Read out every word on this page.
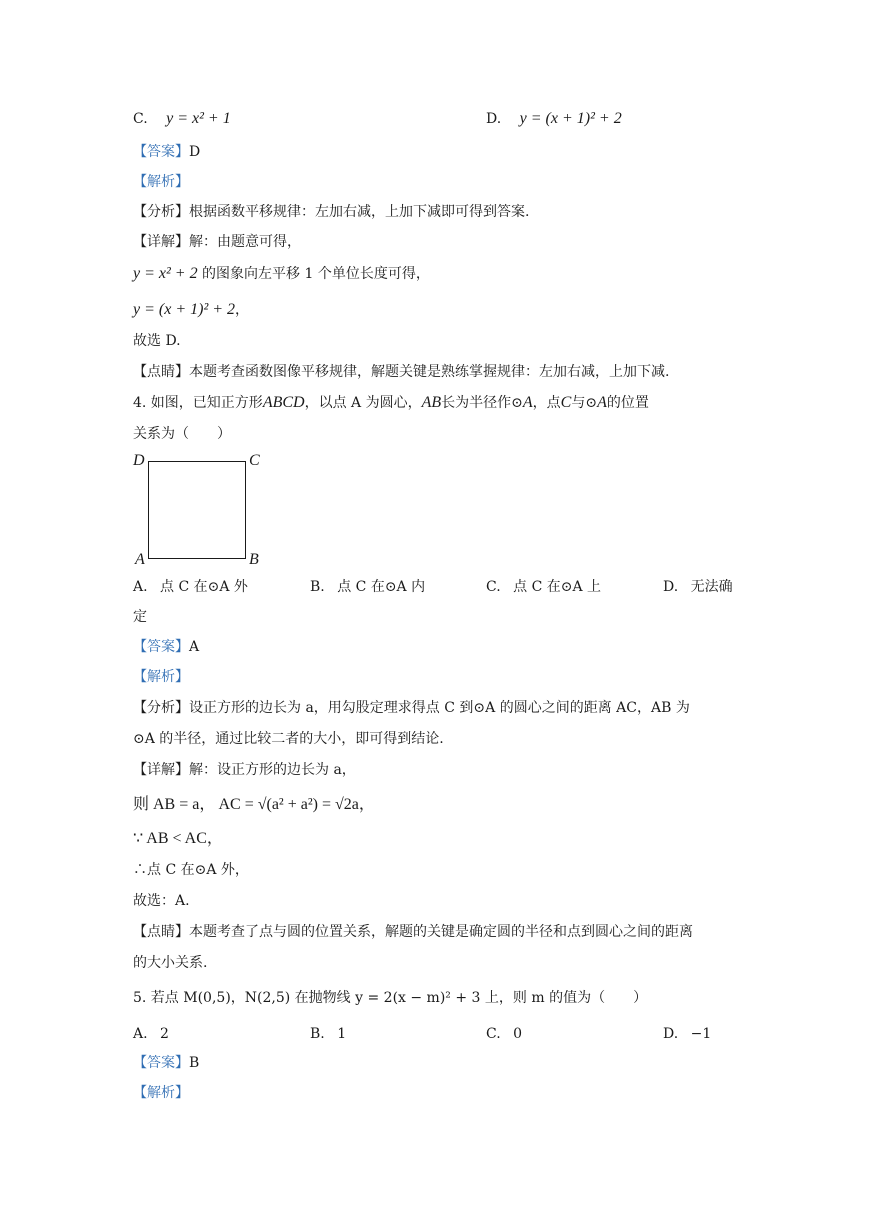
C. y = x² + 1	D. y = (x + 1)² + 2
【答案】D
【解析】
【分析】根据函数平移规律：左加右减，上加下减即可得到答案.
【详解】解：由题意可得，
y = x² + 2 的图象向左平移 1 个单位长度可得，
y = (x + 1)² + 2，
故选 D.
【点睛】本题考查函数图像平移规律，解题关键是熟练掌握规律：左加右减，上加下减.
4. 如图，已知正方形ABCD，以点 A 为圆心，AB长为半径作⊙A，点C与⊙A的位置
关系为（　　）
D	C
A	B
A. 点 C 在⊙A 外	B. 点 C 在⊙A 内	C. 点 C 在⊙A 上	D. 无法确
定
【答案】A
【解析】
【分析】设正方形的边长为 a，用勾股定理求得点 C 到⊙A 的圆心之间的距离 AC，AB 为
⊙A 的半径，通过比较二者的大小，即可得到结论.
【详解】解：设正方形的边长为 a，
则 AB = a， AC = √(a² + a²) = √2a，
∵ AB < AC，
∴点 C 在⊙A 外，
故选：A.
【点睛】本题考查了点与圆的位置关系，解题的关键是确定圆的半径和点到圆心之间的距离
的大小关系.
5. 若点 M(0,5)，N(2,5) 在抛物线 y = 2(x − m)² + 3 上，则 m 的值为（　　）
A. 2	B. 1	C. 0	D. −1
【答案】B
【解析】
